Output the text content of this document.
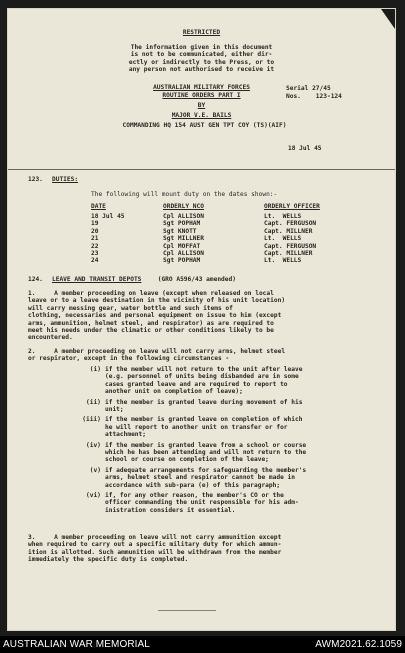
RESTRICTED
AUSTRALIAN MILITARY FORCES
ROUTINE ORDERS PART I
BY
MAJOR V.E. BAILS
COMMANDING HQ 154 AUST GEN TPT COY (TS)(AIF)
Serial 27/45
Nos.    123-124
18 Jul 45
123. DUTIES:
The following will mount duty on the dates shown:-
DATE	ORDERLY NCO	ORDERLY OFFICER
124. LEAVE AND TRANSIT DEPOTS (GRO A596/43 amended)
The information given in this document
is not to be communicated, either dir-
ectly or indirectly to the Press, or to
any person not authorised to receive it
18 Jul 45	Cpl ALLISON	Lt.  WELLS
19	Sgt POPHAM	Capt. FERGUSON
20	Sgt KNOTT	Capt. MILLNER
21	Sgt MILLNER	Lt.  WELLS
22	Cpl MOFFAT	Capt. FERGUSON
23	Cpl ALLISON	Capt. MILLNER
24	Sgt POPHAM	Lt.  WELLS
1.     A member proceeding on leave (except when released on local
leave or to a leave destination in the vicinity of his unit location)
will carry messing gear, water bottle and such items of
clothing, necessaries and personal equipment on issue to him (except
arms, ammunition, helmet steel, and respirator) as are required to
meet his needs under the climatic or other conditions likely to be
encountered.
2.     A member proceeding on leave will not carry arms, helmet steel
or respirator, except in the following circumstances -
(i) if the member will not return to the unit after leave
(e.g. personnel of units being disbanded are in some
cases granted leave and are required to report to
another unit on completion of leave);
(ii) if the member is granted leave during movement of his
unit;
(iii) if the member is granted leave on completion of which
he will report to another unit on transfer or for
attachment;
(iv) if the member is granted leave from a school or course
which he has been attending and will not return to the
school or course on completion of the leave;
(v) if adequate arrangements for safeguarding the member's
arms, helmet steel and respirator cannot be made in
accordance with sub-para (e) of this paragraph;
(vi) if, for any other reason, the member's CO or the
officer commanding the unit responsible for his adm-
inistration considers it essential.
3.     A member proceeding on leave will not carry ammunition except
when required to carry out a specific military duty for which ammun-
ition is allotted. Such ammunition will be withdrawn from the member
immediately the specific duty is completed.
AUSTRALIAN WAR MEMORIAL	AWM2021.62.1059
